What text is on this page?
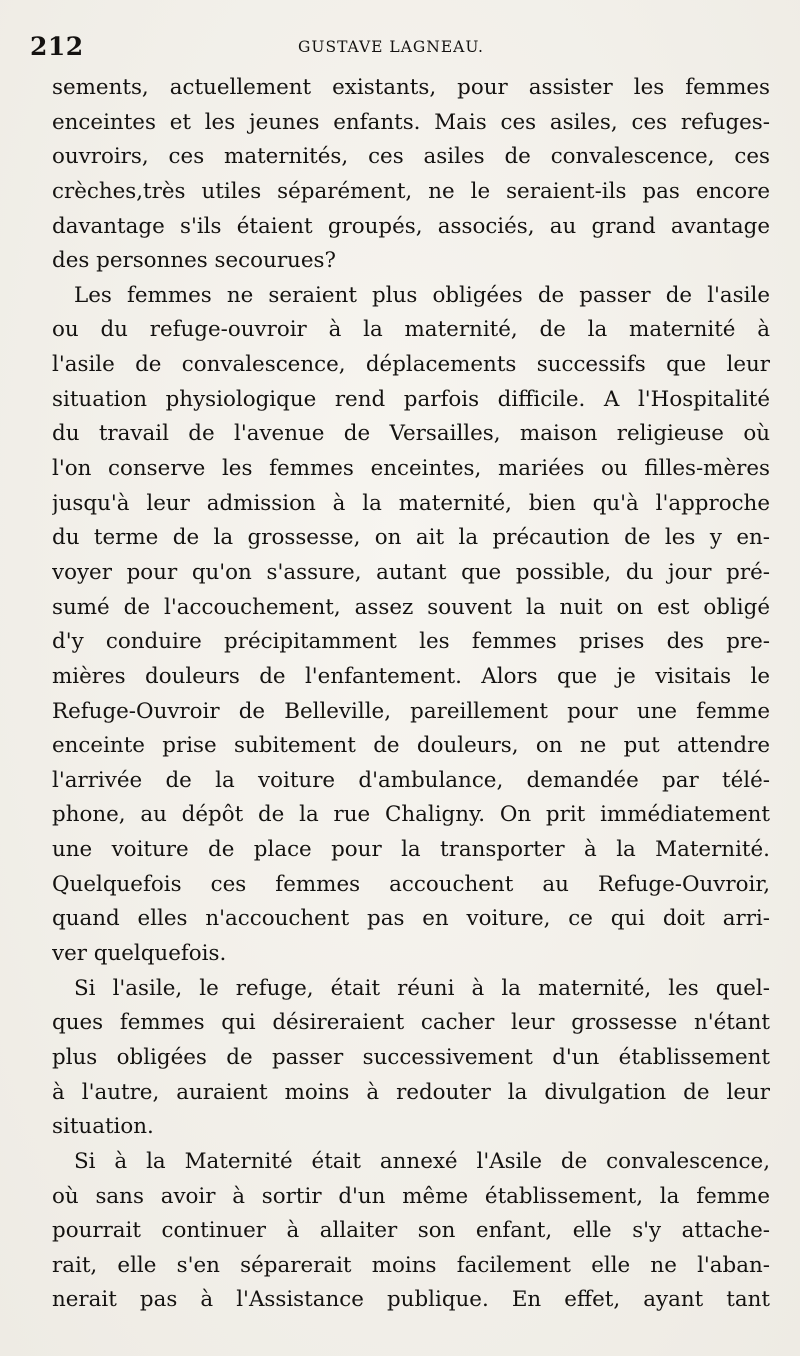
212	GUSTAVE LAGNEAU.
sements, actuellement existants, pour assister les femmes
enceintes et les jeunes enfants. Mais ces asiles, ces refuges-
ouvroirs, ces maternités, ces asiles de convalescence, ces
crèches,très utiles séparément, ne le seraient-ils pas encore
davantage s'ils étaient groupés, associés, au grand avantage
des personnes secourues?
Les femmes ne seraient plus obligées de passer de l'asile
ou du refuge-ouvroir à la maternité, de la maternité à
l'asile de convalescence, déplacements successifs que leur
situation physiologique rend parfois difficile. A l'Hospitalité
du travail de l'avenue de Versailles, maison religieuse où
l'on conserve les femmes enceintes, mariées ou filles-mères
jusqu'à leur admission à la maternité, bien qu'à l'approche
du terme de la grossesse, on ait la précaution de les y en-
voyer pour qu'on s'assure, autant que possible, du jour pré-
sumé de l'accouchement, assez souvent la nuit on est obligé
d'y conduire précipitamment les femmes prises des pre-
mières douleurs de l'enfantement. Alors que je visitais le
Refuge-Ouvroir de Belleville, pareillement pour une femme
enceinte prise subitement de douleurs, on ne put attendre
l'arrivée de la voiture d'ambulance, demandée par télé-
phone, au dépôt de la rue Chaligny. On prit immédiatement
une voiture de place pour la transporter à la Maternité.
Quelquefois ces femmes accouchent au Refuge-Ouvroir,
quand elles n'accouchent pas en voiture, ce qui doit arri-
ver quelquefois.
Si l'asile, le refuge, était réuni à la maternité, les quel-
ques femmes qui désireraient cacher leur grossesse n'étant
plus obligées de passer successivement d'un établissement
à l'autre, auraient moins à redouter la divulgation de leur
situation.
Si à la Maternité était annexé l'Asile de convalescence,
où sans avoir à sortir d'un même établissement, la femme
pourrait continuer à allaiter son enfant, elle s'y attache-
rait, elle s'en séparerait moins facilement elle ne l'aban-
nerait pas à l'Assistance publique. En effet, ayant tant
